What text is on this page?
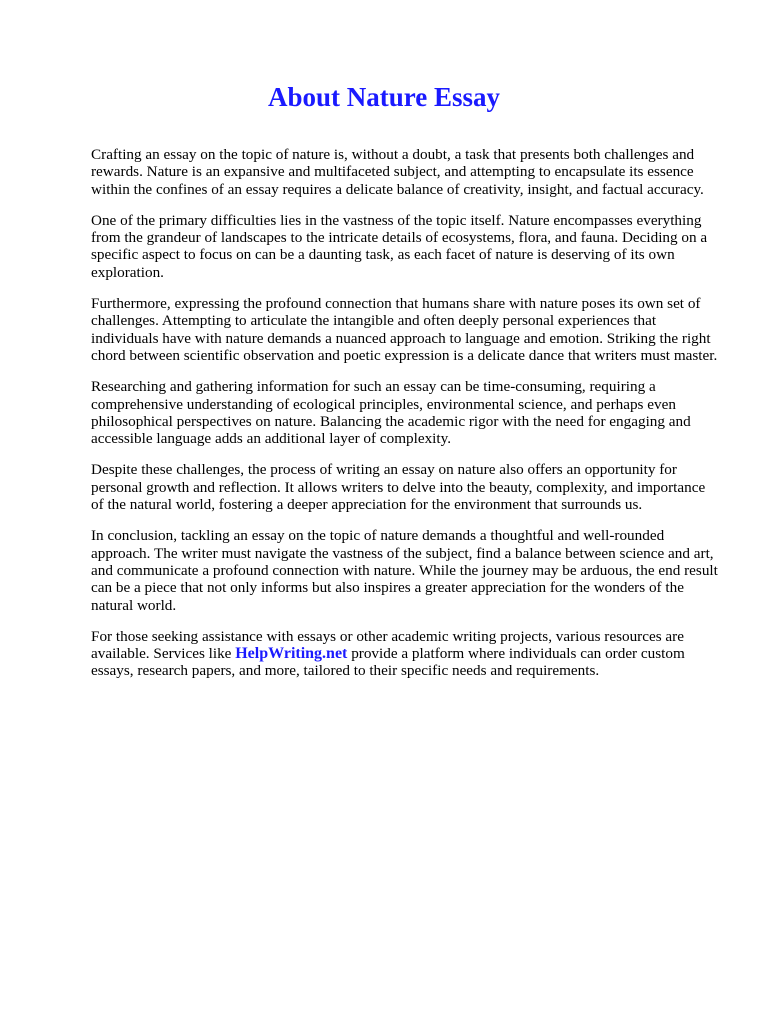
About Nature Essay

Crafting an essay on the topic of nature is, without a doubt, a task that presents both challenges and rewards. Nature is an expansive and multifaceted subject, and attempting to encapsulate its essence within the confines of an essay requires a delicate balance of creativity, insight, and factual accuracy.

One of the primary difficulties lies in the vastness of the topic itself. Nature encompasses everything from the grandeur of landscapes to the intricate details of ecosystems, flora, and fauna. Deciding on a specific aspect to focus on can be a daunting task, as each facet of nature is deserving of its own exploration.

Furthermore, expressing the profound connection that humans share with nature poses its own set of challenges. Attempting to articulate the intangible and often deeply personal experiences that individuals have with nature demands a nuanced approach to language and emotion. Striking the right chord between scientific observation and poetic expression is a delicate dance that writers must master.

Researching and gathering information for such an essay can be time-consuming, requiring a comprehensive understanding of ecological principles, environmental science, and perhaps even philosophical perspectives on nature. Balancing the academic rigor with the need for engaging and accessible language adds an additional layer of complexity.

Despite these challenges, the process of writing an essay on nature also offers an opportunity for personal growth and reflection. It allows writers to delve into the beauty, complexity, and importance of the natural world, fostering a deeper appreciation for the environment that surrounds us.

In conclusion, tackling an essay on the topic of nature demands a thoughtful and well-rounded approach. The writer must navigate the vastness of the subject, find a balance between science and art, and communicate a profound connection with nature. While the journey may be arduous, the end result can be a piece that not only informs but also inspires a greater appreciation for the wonders of the natural world.

For those seeking assistance with essays or other academic writing projects, various resources are available. Services like HelpWriting.net provide a platform where individuals can order custom essays, research papers, and more, tailored to their specific needs and requirements.
